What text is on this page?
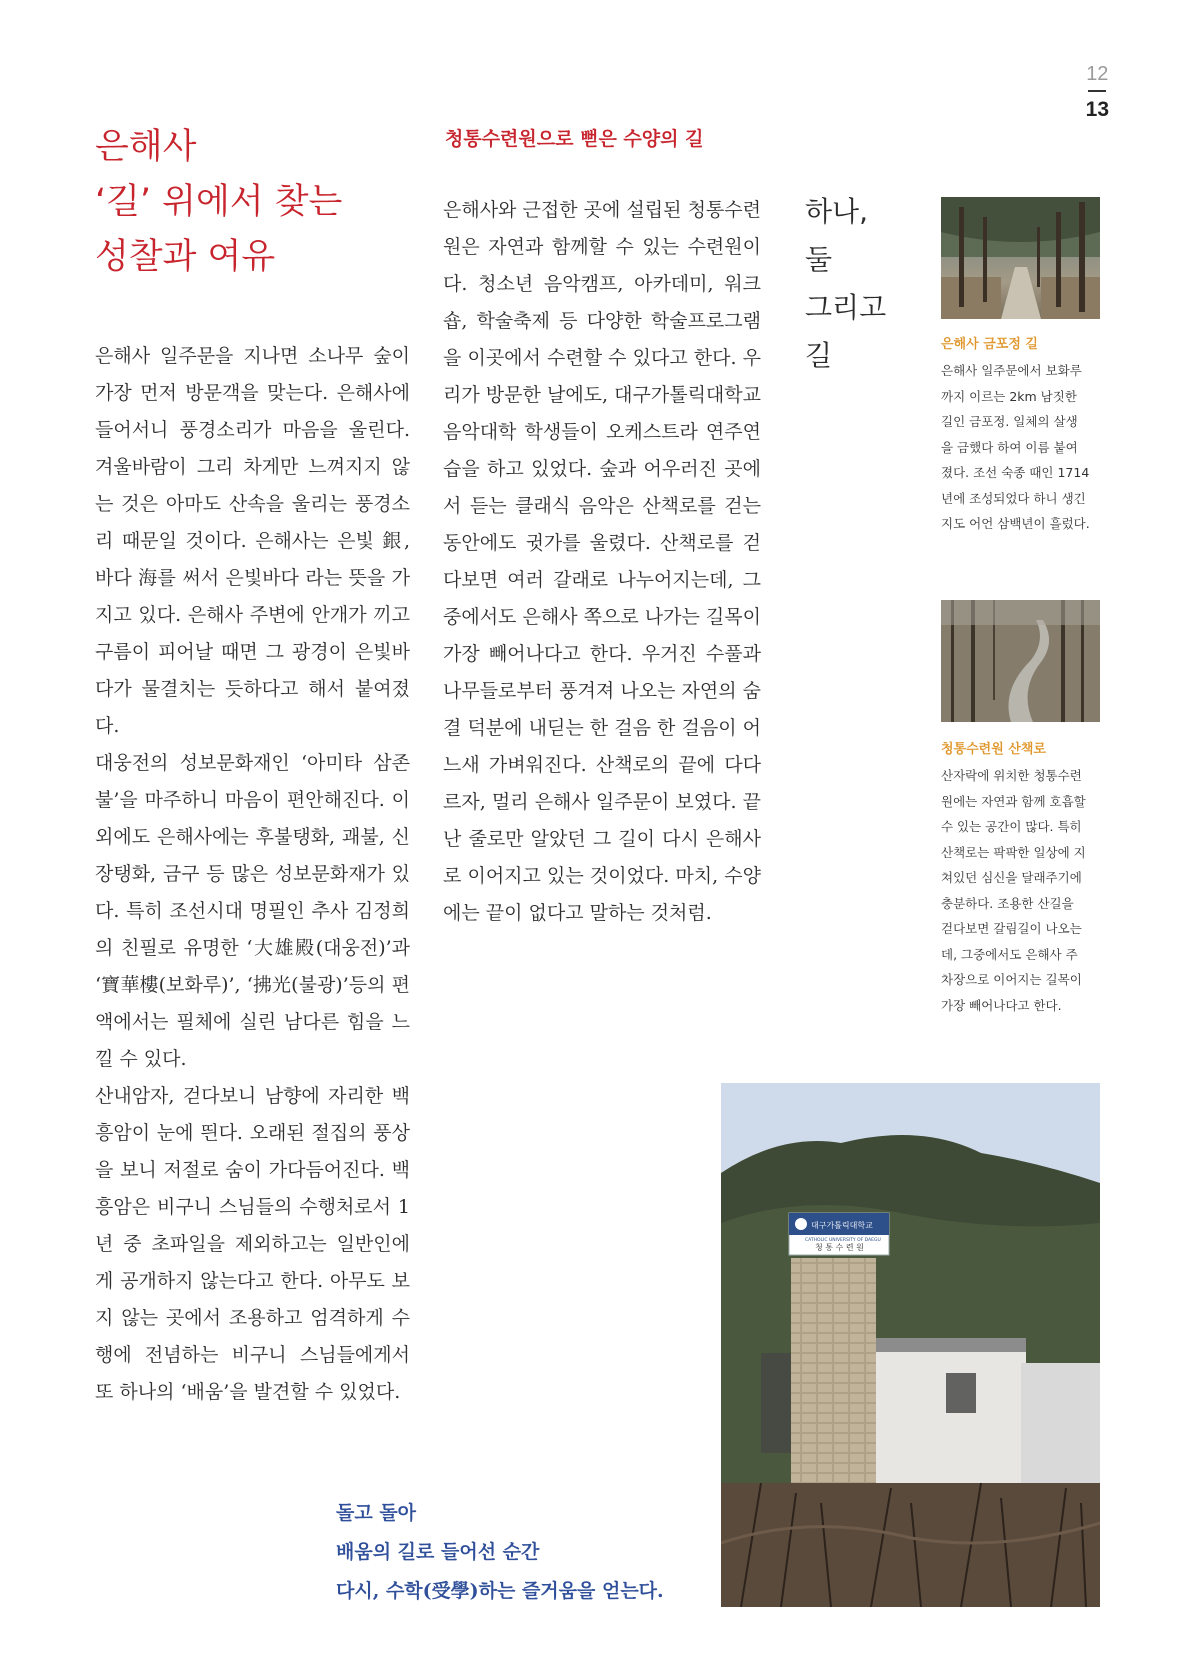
12
13
은해사
‘길’ 위에서 찾는
성찰과 여유
청통수련원으로 뻗은 수양의 길

은해사 일주문을 지나면 소나무 숲이 가장 먼저 방문객을 맞는다. 은해사에 들어서니 풍경소리가 마음을 울린다. 겨울바람이 그리 차게만 느껴지지 않는 것은 아마도 산속을 울리는 풍경소리 때문일 것이다. 은해사는 은빛 銀, 바다 海를 써서 은빛바다 라는 뜻을 가지고 있다. 은해사 주변에 안개가 끼고 구름이 피어날 때면 그 광경이 은빛바다가 물결치는 듯하다고 해서 붙여졌다.

대웅전의 성보문화재인 ‘아미타 삼존불’을 마주하니 마음이 편안해진다. 이 외에도 은해사에는 후불탱화, 괘불, 신장탱화, 금구 등 많은 성보문화재가 있다. 특히 조선시대 명필인 추사 김정희의 친필로 유명한 ‘大雄殿(대웅전)’과 ‘寶華樓(보화루)’, ‘拂光(불광)’등의 편액에서는 필체에 실린 남다른 힘을 느낄 수 있다.

산내암자, 걷다보니 남향에 자리한 백흥암이 눈에 띈다. 오래된 절집의 풍상을 보니 저절로 숨이 가다듬어진다. 백흥암은 비구니 스님들의 수행처로서 1년 중 초파일을 제외하고는 일반인에게 공개하지 않는다고 한다. 아무도 보지 않는 곳에서 조용하고 엄격하게 수행에 전념하는 비구니 스님들에게서 또 하나의 ‘배움’을 발견할 수 있었다.

은해사와 근접한 곳에 설립된 청통수련원은 자연과 함께할 수 있는 수련원이다. 청소년 음악캠프, 아카데미, 워크숍, 학술축제 등 다양한 학술프로그램을 이곳에서 수련할 수 있다고 한다. 우리가 방문한 날에도, 대구가톨릭대학교 음악대학 학생들이 오케스트라 연주연습을 하고 있었다. 숲과 어우러진 곳에서 듣는 클래식 음악은 산책로를 걷는 동안에도 귓가를 울렸다. 산책로를 걷다보면 여러 갈래로 나누어지는데, 그중에서도 은해사 쪽으로 나가는 길목이 가장 빼어나다고 한다. 우거진 수풀과 나무들로부터 풍겨져 나오는 자연의 숨결 덕분에 내딛는 한 걸음 한 걸음이 어느새 가벼워진다. 산책로의 끝에 다다르자, 멀리 은해사 일주문이 보였다. 끝난 줄로만 알았던 그 길이 다시 은해사로 이어지고 있는 것이었다. 마치, 수양에는 끝이 없다고 말하는 것처럼.

하나,
둘
그리고
길	은해사 금포정 길
은해사 일주문에서 보화루
까지 이르는 2km 남짓한
길인 금포정. 일체의 살생
을 금했다 하여 이름 붙여
졌다. 조선 숙종 때인 1714
년에 조성되었다 하니 생긴
지도 어언 삼백년이 흘렀다.
청통수련원 산책로
산자락에 위치한 청통수련
원에는 자연과 함께 호흡할
수 있는 공간이 많다. 특히
산책로는 팍팍한 일상에 지
쳐있던 심신을 달래주기에
충분하다. 조용한 산길을
걷다보면 갈림길이 나오는
데, 그중에서도 은해사 주
차장으로 이어지는 길목이
가장 빼어나다고 한다.
대구가톨릭대학교
CATHOLIC UNIVERSITY OF DAEGU
청 통 수 련 원
돌고 돌아
배움의 길로 들어선 순간
다시, 수학(受學)하는 즐거움을 얻는다.
